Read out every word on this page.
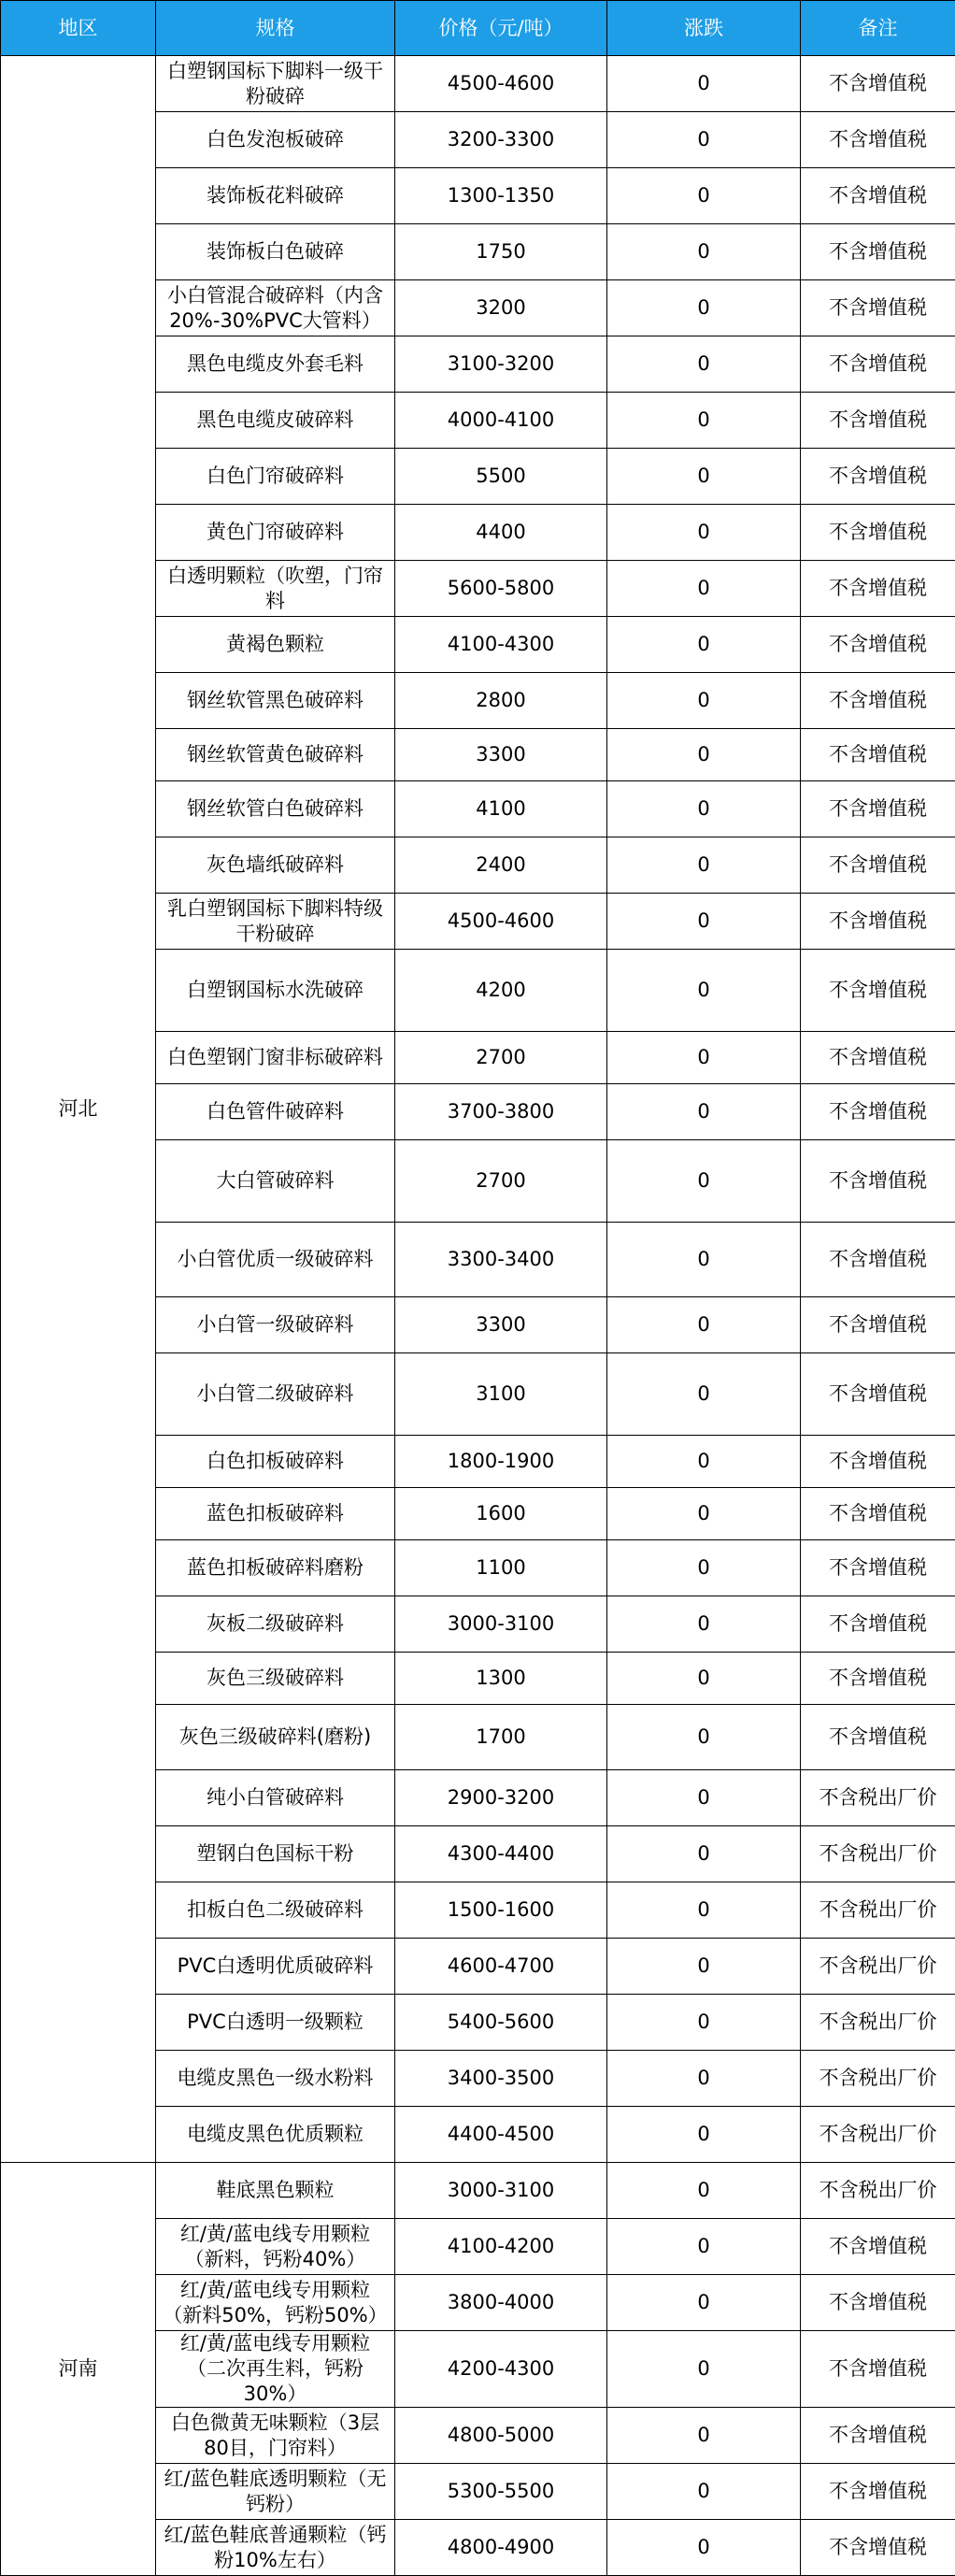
地区	规格	价格（元/吨）	涨跌	备注
河北	白塑钢国标下脚料一级干粉破碎	4500-4600	0	不含增值税
	白色发泡板破碎	3200-3300	0	不含增值税
	装饰板花料破碎	1300-1350	0	不含增值税
	装饰板白色破碎	1750	0	不含增值税
	小白管混合破碎料（内含20%-30%PVC大管料）	3200	0	不含增值税
	黑色电缆皮外套毛料	3100-3200	0	不含增值税
	黑色电缆皮破碎料	4000-4100	0	不含增值税
	白色门帘破碎料	5500	0	不含增值税
	黄色门帘破碎料	4400	0	不含增值税
	白透明颗粒（吹塑，门帘料	5600-5800	0	不含增值税
	黄褐色颗粒	4100-4300	0	不含增值税
	钢丝软管黑色破碎料	2800	0	不含增值税
	钢丝软管黄色破碎料	3300	0	不含增值税
	钢丝软管白色破碎料	4100	0	不含增值税
	灰色墙纸破碎料	2400	0	不含增值税
	乳白塑钢国标下脚料特级干粉破碎	4500-4600	0	不含增值税
	白塑钢国标水洗破碎	4200	0	不含增值税
	白色塑钢门窗非标破碎料	2700	0	不含增值税
	白色管件破碎料	3700-3800	0	不含增值税
	大白管破碎料	2700	0	不含增值税
	小白管优质一级破碎料	3300-3400	0	不含增值税
	小白管一级破碎料	3300	0	不含增值税
	小白管二级破碎料	3100	0	不含增值税
	白色扣板破碎料	1800-1900	0	不含增值税
	蓝色扣板破碎料	1600	0	不含增值税
	蓝色扣板破碎料磨粉	1100	0	不含增值税
	灰板二级破碎料	3000-3100	0	不含增值税
	灰色三级破碎料	1300	0	不含增值税
	灰色三级破碎料(磨粉)	1700	0	不含增值税
	纯小白管破碎料	2900-3200	0	不含税出厂价
	塑钢白色国标干粉	4300-4400	0	不含税出厂价
	扣板白色二级破碎料	1500-1600	0	不含税出厂价
	PVC白透明优质破碎料	4600-4700	0	不含税出厂价
	PVC白透明一级颗粒	5400-5600	0	不含税出厂价
	电缆皮黑色一级水粉料	3400-3500	0	不含税出厂价
	电缆皮黑色优质颗粒	4400-4500	0	不含税出厂价
河南	鞋底黑色颗粒	3000-3100	0	不含税出厂价
	红/黄/蓝电线专用颗粒（新料，钙粉40%）	4100-4200	0	不含增值税
	红/黄/蓝电线专用颗粒（新料50%，钙粉50%）	3800-4000	0	不含增值税
	红/黄/蓝电线专用颗粒（二次再生料，钙粉30%）	4200-4300	0	不含增值税
	白色微黄无味颗粒（3层80目，门帘料）	4800-5000	0	不含增值税
	红/蓝色鞋底透明颗粒（无钙粉）	5300-5500	0	不含增值税
	红/蓝色鞋底普通颗粒（钙粉10%左右）	4800-4900	0	不含增值税
